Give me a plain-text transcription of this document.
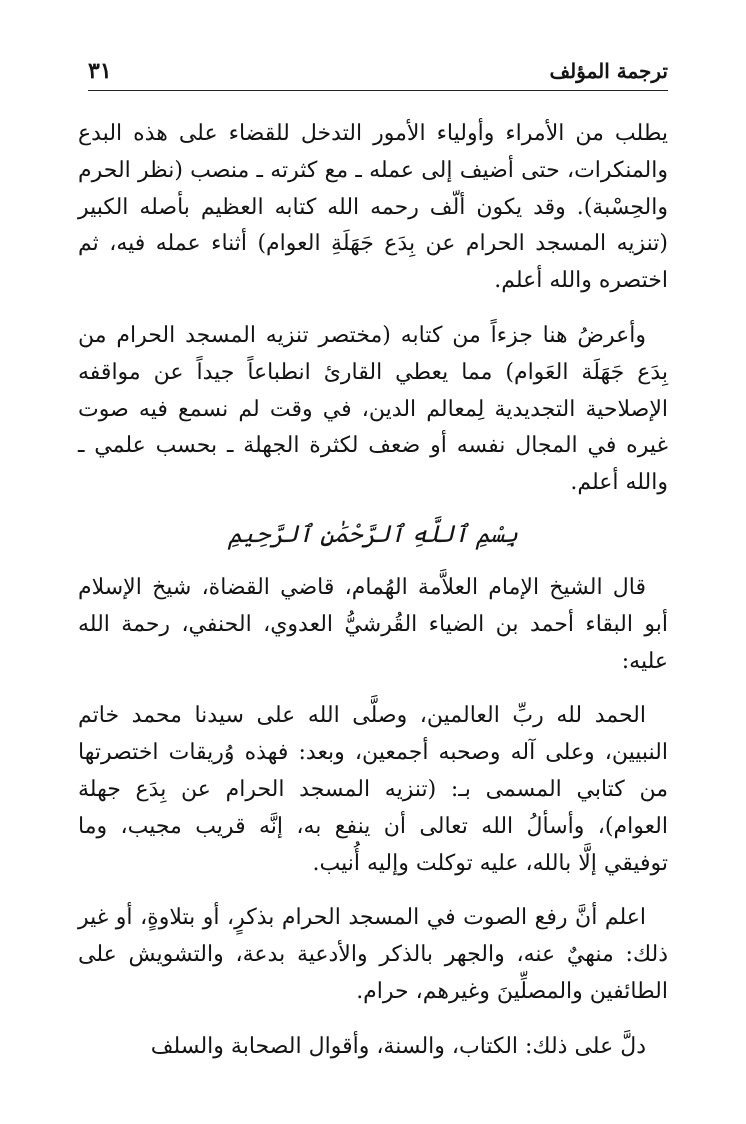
ترجمة المؤلف
٣١

يطلب من الأمراء وأولياء الأمور التدخل للقضاء على هذه البدع والمنكرات، حتى أضيف إلى عمله ـ مع كثرته ـ منصب (نظر الحرم والحِسْبة). وقد يكون ألّف رحمه الله كتابه العظيم بأصله الكبير (تنزيه المسجد الحرام عن بِدَع جَهَلَةِ العوام) أثناء عمله فيه، ثم اختصره والله أعلم.

وأعرضُ هنا جزءاً من كتابه (مختصر تنزيه المسجد الحرام من بِدَع جَهَلَة العَوام) مما يعطي القارئ انطباعاً جيداً عن مواقفه الإصلاحية التجديدية لِمعالم الدين، في وقت لم نسمع فيه صوت غيره في المجال نفسه أو ضعف لكثرة الجهلة ـ بحسب علمي ـ والله أعلم.

بِسْمِ ٱللَّهِ ٱلرَّحْمَٰنِ ٱلرَّحِيمِ

قال الشيخ الإمام العلاَّمة الهُمام، قاضي القضاة، شيخ الإسلام أبو البقاء أحمد بن الضياء القُرشيُّ العدوي، الحنفي، رحمة الله عليه:

الحمد لله ربِّ العالمين، وصلَّى الله على سيدنا محمد خاتم النبيين، وعلى آله وصحبه أجمعين، وبعد: فهذه وُريقات اختصرتها من كتابي المسمى بـ: (تنزيه المسجد الحرام عن بِدَع جهلة العوام)، وأسألُ الله تعالى أن ينفع به، إنَّه قريب مجيب، وما توفيقي إلَّا بالله، عليه توكلت وإليه أُنيب.

اعلم أنَّ رفع الصوت في المسجد الحرام بذكرٍ، أو بتلاوةٍ، أو غير ذلك: منهيٌ عنه، والجهر بالذكر والأدعية بدعة، والتشويش على الطائفين والمصلِّينَ وغيرهم، حرام.

دلَّ على ذلك: الكتاب، والسنة، وأقوال الصحابة والسلف
